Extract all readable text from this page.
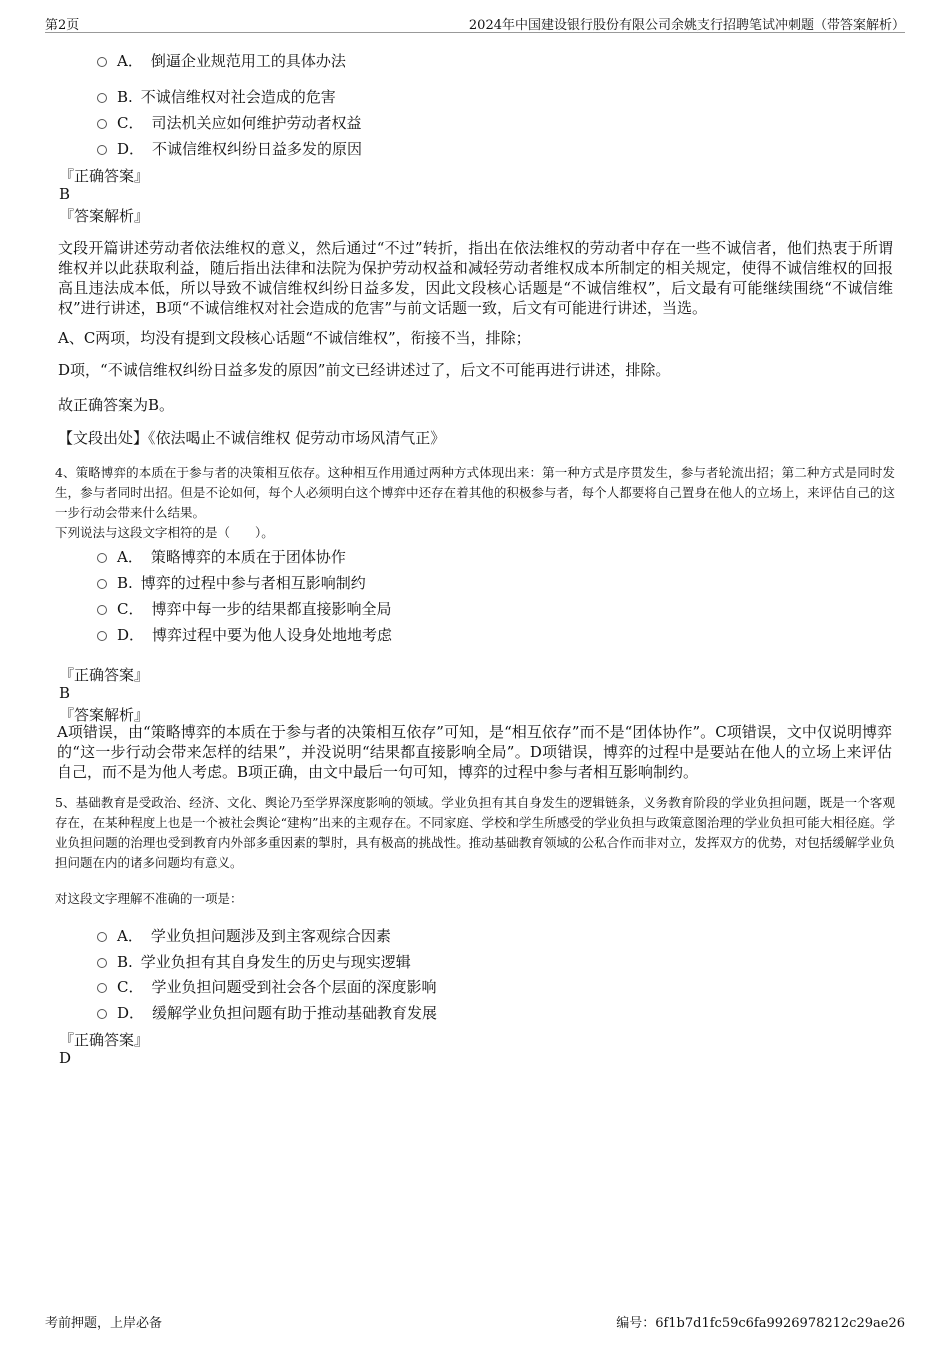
第2页	2024年中国建设银行股份有限公司余姚支行招聘笔试冲刺题（带答案解析）
A． 倒逼企业规范用工的具体办法
B. 不诚信维权对社会造成的危害
C． 司法机关应如何维护劳动者权益
D． 不诚信维权纠纷日益多发的原因
『正确答案』
B
『答案解析』
文段开篇讲述劳动者依法维权的意义，然后通过“不过”转折，指出在依法维权的劳动者中存在一些不诚信者，他们热衷于所谓维权并以此获取利益，随后指出法律和法院为保护劳动权益和减轻劳动者维权成本所制定的相关规定，使得不诚信维权的回报高且违法成本低，所以导致不诚信维权纠纷日益多发，因此文段核心话题是“不诚信维权”，后文最有可能继续围绕“不诚信维权”进行讲述，B项“不诚信维权对社会造成的危害”与前文话题一致，后文有可能进行讲述，当选。
A、C两项，均没有提到文段核心话题“不诚信维权”，衔接不当，排除；
D项，“不诚信维权纠纷日益多发的原因”前文已经讲述过了，后文不可能再进行讲述，排除。
故正确答案为B。
【文段出处】《依法喝止不诚信维权 促劳动市场风清气正》
4、策略博弈的本质在于参与者的决策相互依存。这种相互作用通过两种方式体现出来：第一种方式是序贯发生，参与者轮流出招；第二种方式是同时发生，参与者同时出招。但是不论如何，每个人必须明白这个博弈中还存在着其他的积极参与者，每个人都要将自己置身在他人的立场上，来评估自己的这一步行动会带来什么结果。
下列说法与这段文字相符的是（　　）。
A． 策略博弈的本质在于团体协作
B. 博弈的过程中参与者相互影响制约
C． 博弈中每一步的结果都直接影响全局
D． 博弈过程中要为他人设身处地地考虑
『正确答案』
B
『答案解析』
A项错误，由“策略博弈的本质在于参与者的决策相互依存”可知，是“相互依存”而不是“团体协作”。C项错误，文中仅说明博弈的“这一步行动会带来怎样的结果”，并没说明“结果都直接影响全局”。D项错误，博弈的过程中是要站在他人的立场上来评估自己，而不是为他人考虑。B项正确，由文中最后一句可知，博弈的过程中参与者相互影响制约。
5、基础教育是受政治、经济、文化、舆论乃至学界深度影响的领域。学业负担有其自身发生的逻辑链条，义务教育阶段的学业负担问题，既是一个客观存在，在某种程度上也是一个被社会舆论“建构”出来的主观存在。不同家庭、学校和学生所感受的学业负担与政策意图治理的学业负担可能大相径庭。学业负担问题的治理也受到教育内外部多重因素的掣肘，具有极高的挑战性。推动基础教育领域的公私合作而非对立，发挥双方的优势，对包括缓解学业负担问题在内的诸多问题均有意义。
对这段文字理解不准确的一项是：
A． 学业负担问题涉及到主客观综合因素
B. 学业负担有其自身发生的历史与现实逻辑
C． 学业负担问题受到社会各个层面的深度影响
D． 缓解学业负担问题有助于推动基础教育发展
『正确答案』
D
考前押题，上岸必备	编号：6f1b7d1fc59c6fa9926978212c29ae26
